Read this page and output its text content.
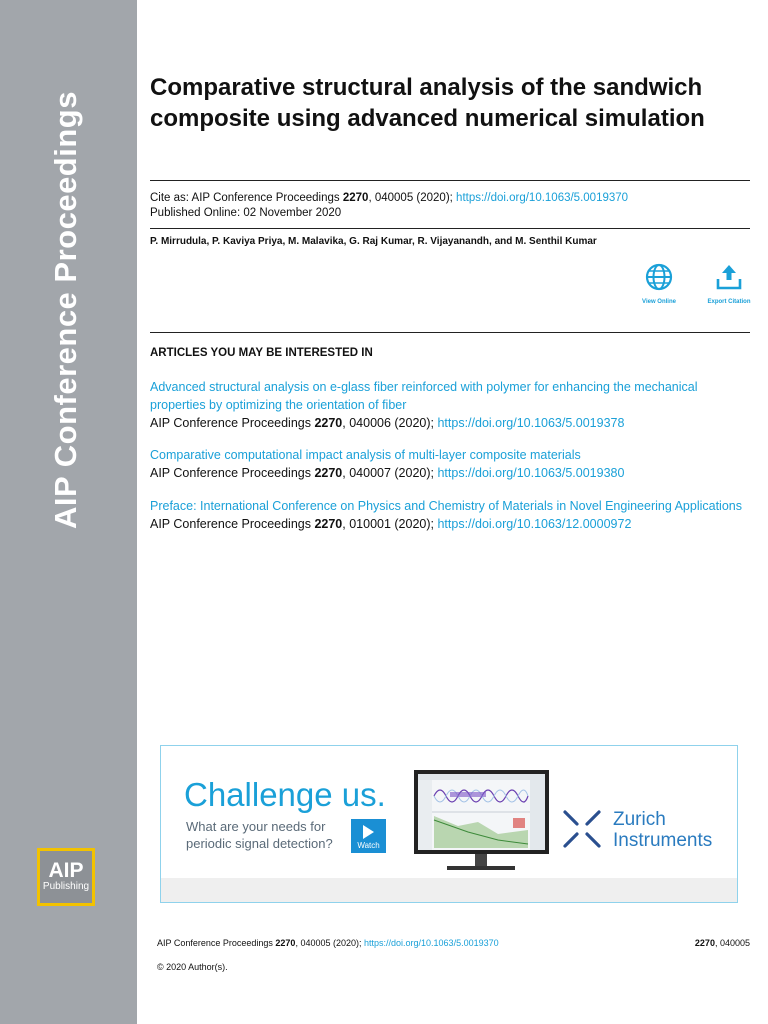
AIP Conference Proceedings
AIP
Publishing
Comparative structural analysis of the sandwich composite using advanced numerical simulation
Cite as: AIP Conference Proceedings 2270, 040005 (2020); https://doi.org/10.1063/5.0019370
Published Online: 02 November 2020
P. Mirrudula, P. Kaviya Priya, M. Malavika, G. Raj Kumar, R. Vijayanandh, and M. Senthil Kumar
View Online	Export Citation
ARTICLES YOU MAY BE INTERESTED IN
Advanced structural analysis on e-glass fiber reinforced with polymer for enhancing the mechanical properties by optimizing the orientation of fiber
AIP Conference Proceedings 2270, 040006 (2020); https://doi.org/10.1063/5.0019378
Comparative computational impact analysis of multi-layer composite materials
AIP Conference Proceedings 2270, 040007 (2020); https://doi.org/10.1063/5.0019380
Preface: International Conference on Physics and Chemistry of Materials in Novel Engineering Applications
AIP Conference Proceedings 2270, 010001 (2020); https://doi.org/10.1063/12.0000972
Challenge us.
What are your needs for periodic signal detection?	Watch
Zurich
Instruments
AIP Conference Proceedings 2270, 040005 (2020); https://doi.org/10.1063/5.0019370	2270, 040005
© 2020 Author(s).
